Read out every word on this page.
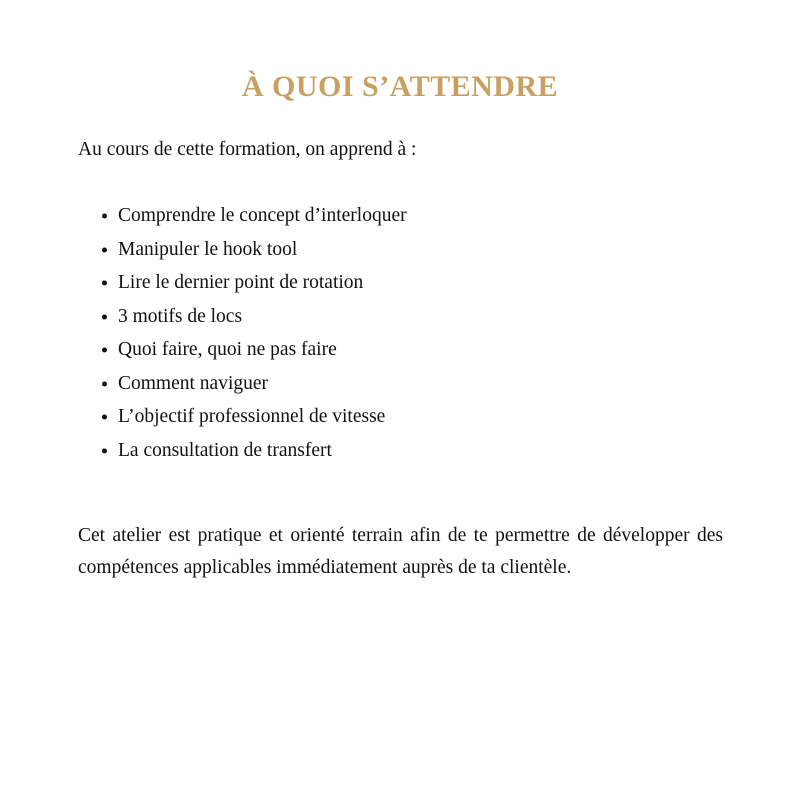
À QUOI S’ATTENDRE

Au cours de cette formation, on apprend à :

Comprendre le concept d’interloquer
Manipuler le hook tool
Lire le dernier point de rotation
3 motifs de locs
Quoi faire, quoi ne pas faire
Comment naviguer
L’objectif professionnel de vitesse
La consultation de transfert

Cet atelier est pratique et orienté terrain afin de te permettre de développer des compétences applicables immédiatement auprès de ta clientèle.
